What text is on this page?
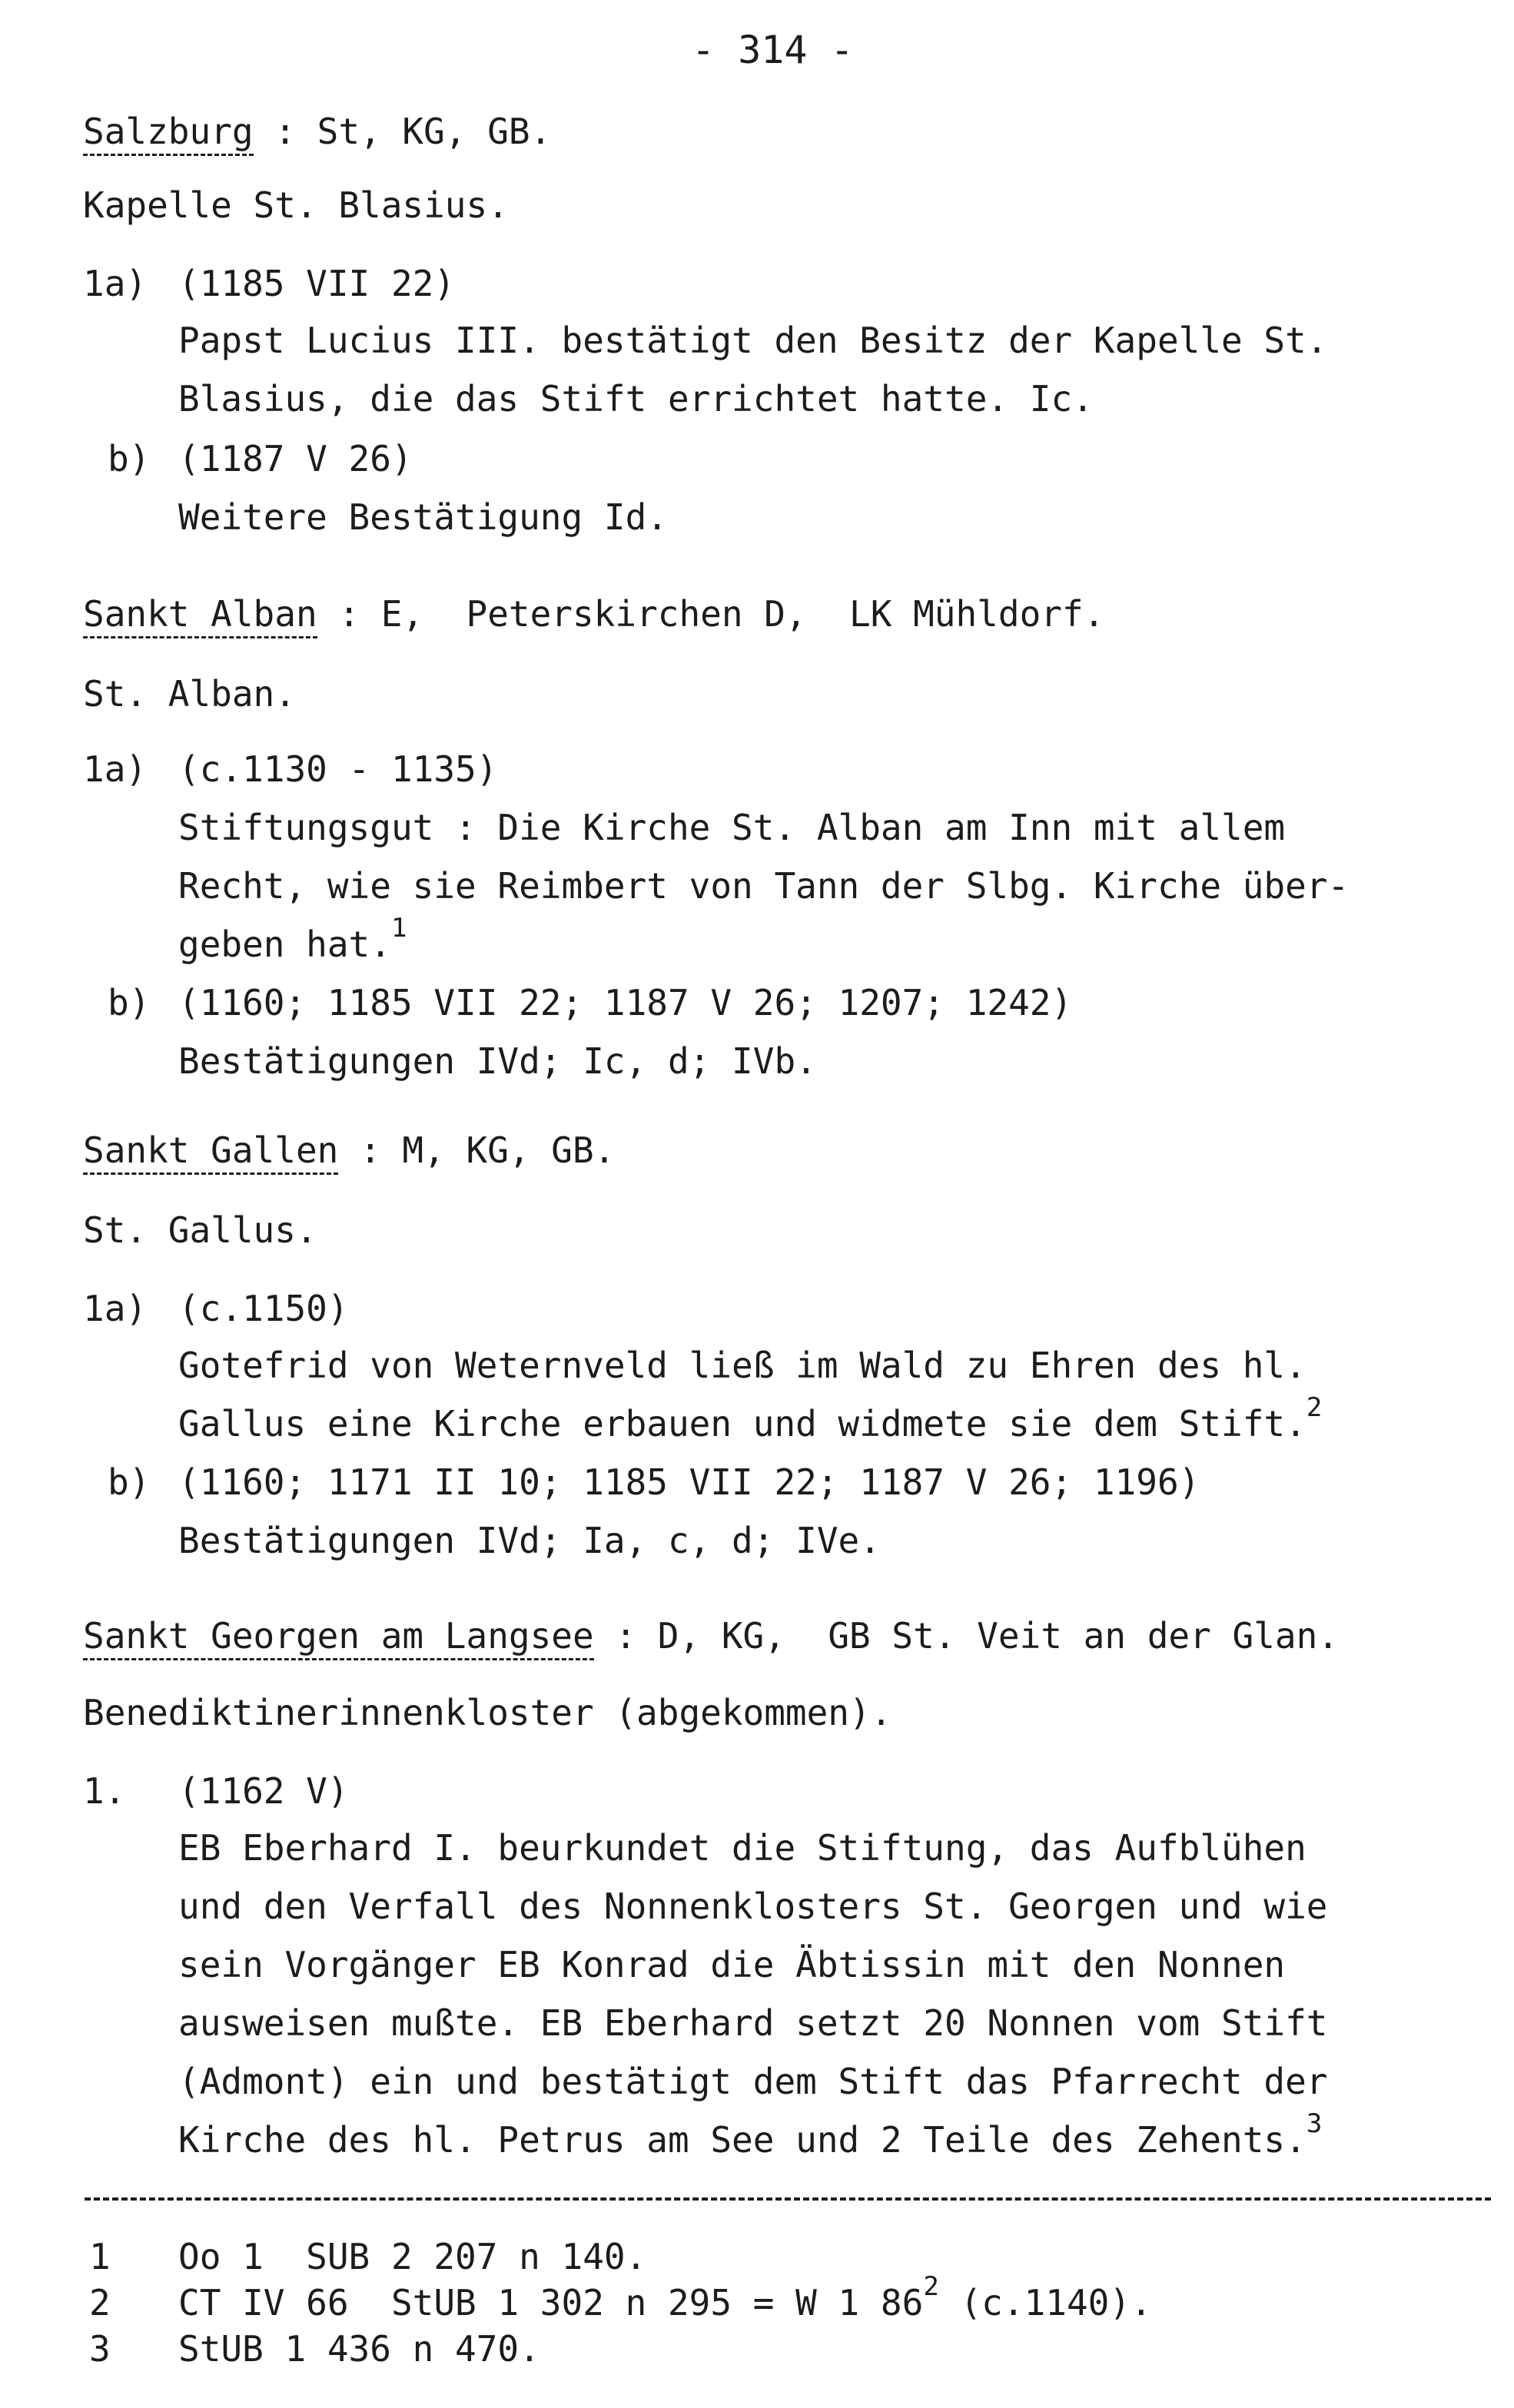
- 314 -
Salzburg : St, KG, GB.
Kapelle St. Blasius.
1a) (1185 VII 22)
Papst Lucius III. bestätigt den Besitz der Kapelle St.
Blasius, die das Stift errichtet hatte. Ic.
b) (1187 V 26)
Weitere Bestätigung Id.
Sankt Alban : E,  Peterskirchen D,  LK Mühldorf.
St. Alban.
1a) (c.1130 - 1135)
Stiftungsgut : Die Kirche St. Alban am Inn mit allem
Recht, wie sie Reimbert von Tann der Slbg. Kirche über-
geben hat.$^1$
b) (1160; 1185 VII 22; 1187 V 26; 1207; 1242)
Bestätigungen IVd; Ic, d; IVb.
Sankt Gallen : M, KG, GB.
St. Gallus.
1a) (c.1150)
Gotefrid von Weternveld ließ im Wald zu Ehren des hl.
Gallus eine Kirche erbauen und widmete sie dem Stift.$^2$
b) (1160; 1171 II 10; 1185 VII 22; 1187 V 26; 1196)
Bestätigungen IVd; Ia, c, d; IVe.
Sankt Georgen am Langsee : D, KG,  GB St. Veit an der Glan.
Benediktinerinnenkloster (abgekommen).
1. (1162 V)
EB Eberhard I. beurkundet die Stiftung, das Aufblühen
und den Verfall des Nonnenklosters St. Georgen und wie
sein Vorgänger EB Konrad die Äbtissin mit den Nonnen
ausweisen mußte. EB Eberhard setzt 20 Nonnen vom Stift
(Admont) ein und bestätigt dem Stift das Pfarrecht der
Kirche des hl. Petrus am See und 2 Teile des Zehents.$^3$
1 Oo 1  SUB 2 207 n 140.
2 CT IV 66  StUB 1 302 n 295 = W 1 $86^2$ (c.1140).
3 StUB 1 436 n 470.
